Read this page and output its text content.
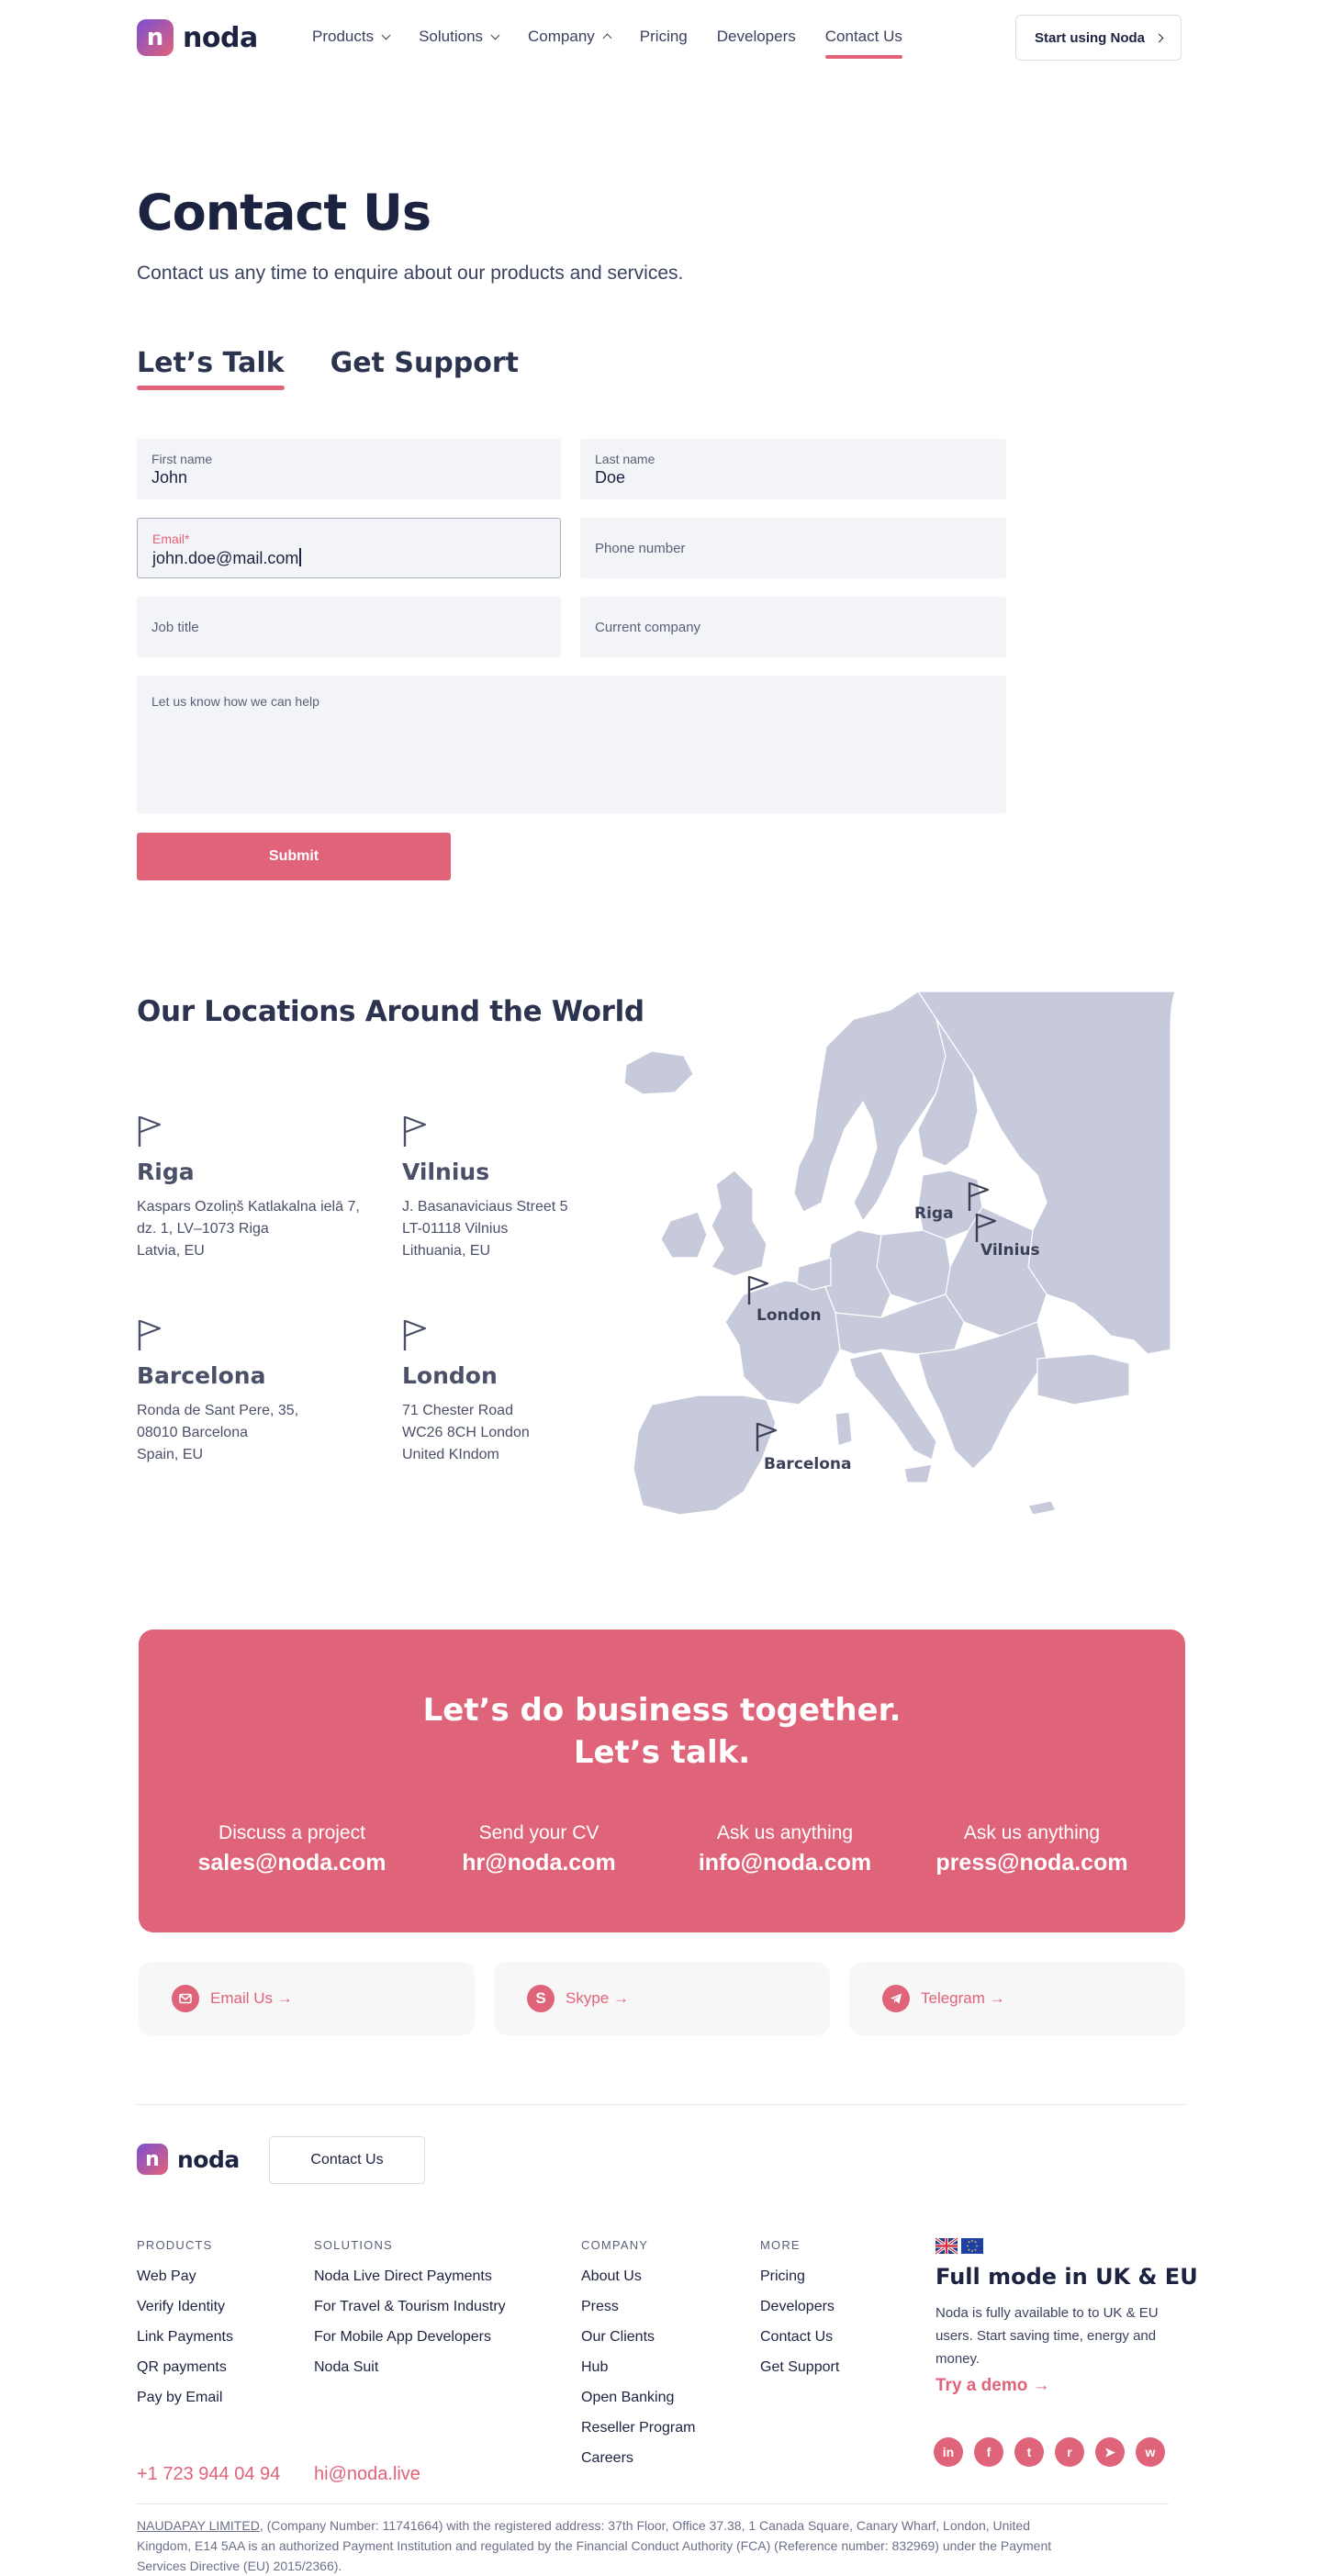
n noda	Products	Solutions	Company	Pricing Developers Contact Us	Start using Noda
Contact Us

Contact us any time to enquire about our products and services.

Let’s Talk Get Support
First name
John
Last name
Doe
Email*
john.doe@mail.com
Phone number
Job title	Current company
Let us know how we can help
Submit
Our Locations Around the World
Riga
Kaspars Ozoliņš Katlakalna ielā 7,
dz. 1, LV–1073 Riga
Latvia, EU
Vilnius
J. Basanaviciaus Street 5
LT-01118 Vilnius
Lithuania, EU
Barcelona
Ronda de Sant Pere, 35,
08010 Barcelona
Spain, EU
London
71 Chester Road
WC26 8CH London
United KIndom
Riga
Vilnius
London
Barcelona
Let’s do business together.
Let’s talk.
Discuss a project
sales@noda.com
Send your CV
hr@noda.com
Ask us anything
info@noda.com
Ask us anything
press@noda.com
Email Us →	S Skype →	Telegram →
n noda	Contact Us
PRODUCTS
Web Pay
Verify Identity
Link Payments
QR payments
Pay by Email
SOLUTIONS
Noda Live Direct Payments
For Travel & Tourism Industry
For Mobile App Developers
Noda Suit
COMPANY
About Us
Press
Our Clients
Hub
Open Banking
Reseller Program
Careers
MORE
Pricing
Developers
Contact Us
Get Support
+1 723 944 04 94 hi@noda.live
Full mode in UK & EU
Noda is fully available to to UK & EU users. Start saving time, energy and money.
Try a demo →
in	f	t	r	➤	w

NAUDAPAY LIMITED, (Company Number: 11741664) with the registered address: 37th Floor, Office 37.38, 1 Canada Square, Canary Wharf, London, United Kingdom, E14 5AA is an authorized Payment Institution and regulated by the Financial Conduct Authority (FCA) (Reference number: 832969) under the Payment Services Directive (EU) 2015/2366).
